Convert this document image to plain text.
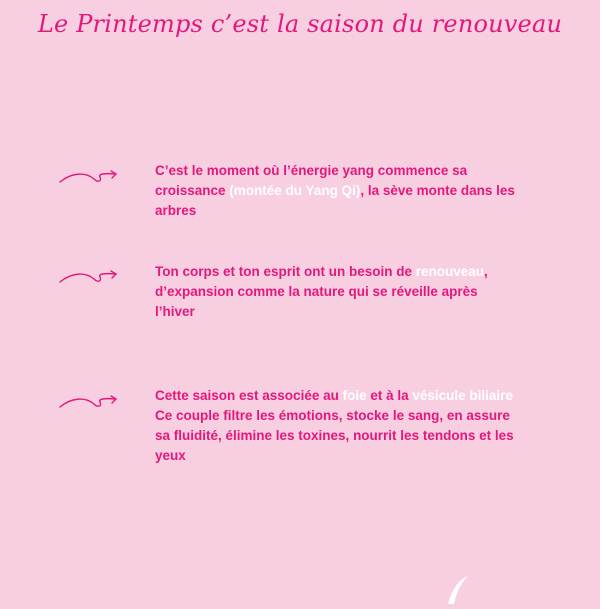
Le Printemps c’est la saison du renouveau
C’est le moment où l’énergie yang commence sa croissance (montée du Yang Qi), la sève monte dans les arbres
Ton corps et ton esprit ont un besoin de renouveau, d’expansion comme la nature qui se réveille après l’hiver
Cette saison est associée au foie et à la vésicule biliaire
Ce couple filtre les émotions, stocke le sang, en assure sa fluidité, élimine les toxines, nourrit les tendons et les yeux
